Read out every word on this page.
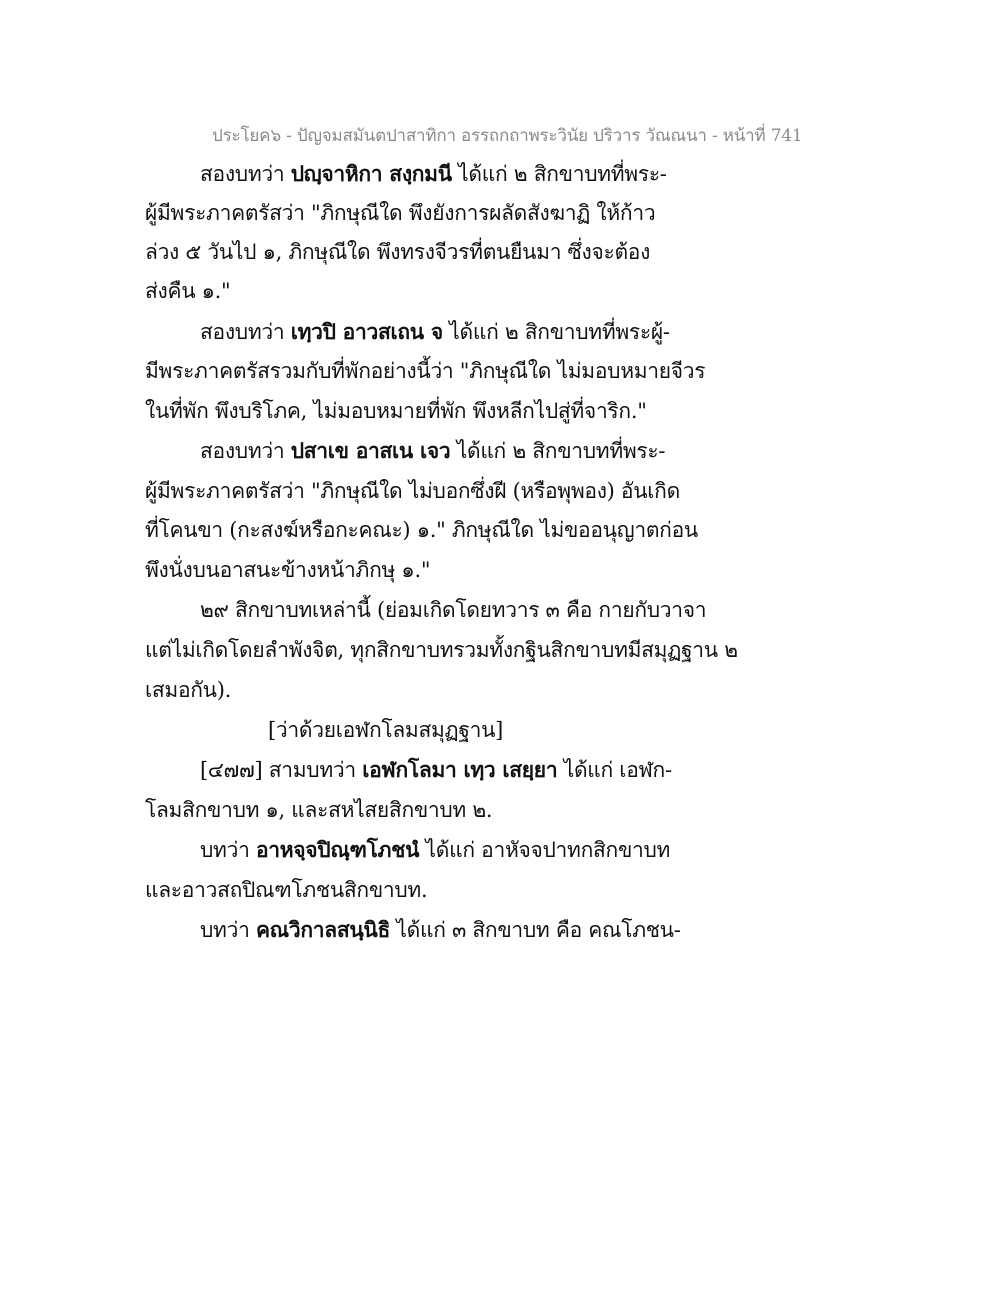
ประโยค๖ - ปัญจมสมันตปาสาทิกา อรรถกถาพระวินัย ปริวาร วัณณนา - หน้าที่ 741
สองบทว่า ปญฺจาหิกา สงฺกมนี ได้แก่ ๒ สิกขาบทที่พระ-
ผู้มีพระภาคตรัสว่า "ภิกษุณีใด พึงยังการผลัดสังฆาฏิ ให้ก้าว
ล่วง ๕ วันไป ๑, ภิกษุณีใด พึงทรงจีวรที่ตนยืนมา ซึ่งจะต้อง
ส่งคืน ๑."
สองบทว่า เทฺวปิ อาวสเถน จ ได้แก่ ๒ สิกขาบทที่พระผู้-
มีพระภาคตรัสรวมกับที่พักอย่างนี้ว่า "ภิกษุณีใด ไม่มอบหมายจีวร
ในที่พัก พึงบริโภค, ไม่มอบหมายที่พัก พึงหลีกไปสู่ที่จาริก."
สองบทว่า ปสาเข อาสเน เจว ได้แก่ ๒ สิกขาบทที่พระ-
ผู้มีพระภาคตรัสว่า "ภิกษุณีใด ไม่บอกซึ่งฝี (หรือพุพอง) อันเกิด
ที่โคนขา (กะสงฆ์หรือกะคณะ) ๑." ภิกษุณีใด ไม่ขออนุญาตก่อน
พึงนั่งบนอาสนะข้างหน้าภิกษุ ๑."
๒๙ สิกขาบทเหล่านี้ (ย่อมเกิดโดยทวาร ๓ คือ กายกับวาจา
แต่ไม่เกิดโดยลำพังจิต, ทุกสิกขาบทรวมทั้งกฐินสิกขาบทมีสมุฏฐาน ๒
เสมอกัน).
[ว่าด้วยเอฬกโลมสมุฏฐาน]
[๔๗๗] สามบทว่า เอฬกโลมา เทฺว เสยฺยา ได้แก่ เอฬก-
โลมสิกขาบท ๑, และสหไสยสิกขาบท ๒.
บทว่า อาหจฺจปิณฺฑโภชนํ ได้แก่ อาหัจจปาทกสิกขาบท
และอาวสถปิณฑโภชนสิกขาบท.
บทว่า คณวิกาลสนฺนิธิ ได้แก่ ๓ สิกขาบท คือ คณโภชน-
